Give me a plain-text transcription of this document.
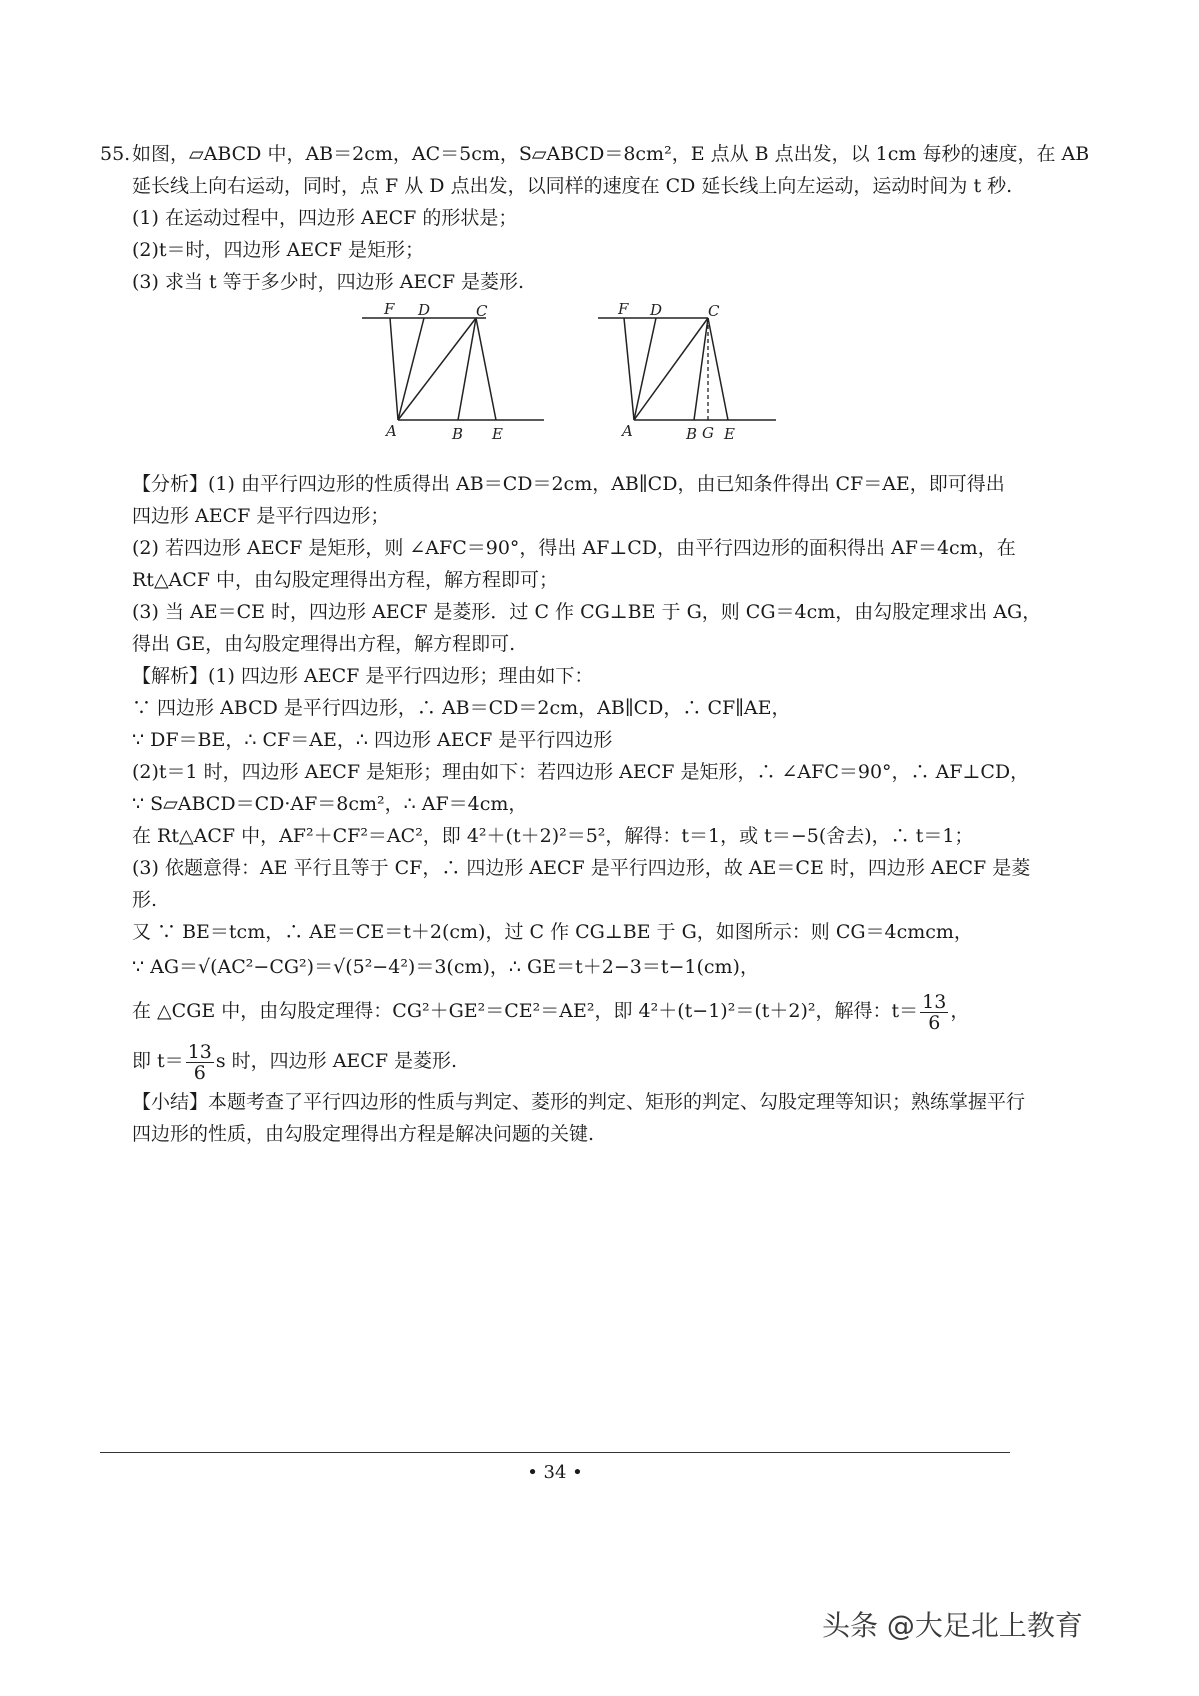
55.如图，▱ABCD 中，AB＝2cm，AC＝5cm，S▱ABCD＝8cm²，E 点从 B 点出发，以 1cm 每秒的速度，在 AB

延长线上向右运动，同时，点 F 从 D 点出发，以同样的速度在 CD 延长线上向左运动，运动时间为 t 秒.

(1) 在运动过程中，四边形 AECF 的形状是；

(2)t＝时，四边形 AECF 是矩形；

(3) 求当 t 等于多少时，四边形 AECF 是菱形.

F D	C
A	B E
F D	C
A	B G E

【分析】(1) 由平行四边形的性质得出 AB＝CD＝2cm，AB∥CD，由已知条件得出 CF＝AE，即可得出

四边形 AECF 是平行四边形；

(2) 若四边形 AECF 是矩形，则 ∠AFC＝90°，得出 AF⊥CD，由平行四边形的面积得出 AF＝4cm，在

Rt△ACF 中，由勾股定理得出方程，解方程即可；

(3) 当 AE＝CE 时，四边形 AECF 是菱形．过 C 作 CG⊥BE 于 G，则 CG＝4cm，由勾股定理求出 AG，

得出 GE，由勾股定理得出方程，解方程即可.

【解析】(1) 四边形 AECF 是平行四边形；理由如下：

∵ 四边形 ABCD 是平行四边形，∴ AB＝CD＝2cm，AB∥CD，∴ CF∥AE，

∵ DF＝BE，∴ CF＝AE，∴ 四边形 AECF 是平行四边形

(2)t＝1 时，四边形 AECF 是矩形；理由如下：若四边形 AECF 是矩形，∴ ∠AFC＝90°，∴ AF⊥CD，

∵ S▱ABCD＝CD·AF＝8cm²，∴ AF＝4cm，

在 Rt△ACF 中，AF²＋CF²＝AC²，即 4²＋(t＋2)²＝5²，解得：t＝1，或 t＝−5(舍去)，∴ t＝1；

(3) 依题意得：AE 平行且等于 CF，∴ 四边形 AECF 是平行四边形，故 AE＝CE 时，四边形 AECF 是菱

形.

又 ∵ BE＝tcm，∴ AE＝CE＝t＋2(cm)，过 C 作 CG⊥BE 于 G，如图所示：则 CG＝4cmcm，

∵ AG＝√(AC²−CG²)＝√(5²−4²)＝3(cm)，∴ GE＝t＋2−3＝t−1(cm)，

在 △CGE 中，由勾股定理得：CG²＋GE²＝CE²＝AE²，即 4²＋(t−1)²＝(t＋2)²，解得：$t= \frac{13}{6}$ ，

即 $t= \frac{13}{6}$ s 时，四边形 AECF 是菱形.

【小结】本题考查了平行四边形的性质与判定、菱形的判定、矩形的判定、勾股定理等知识；熟练掌握平行

四边形的性质，由勾股定理得出方程是解决问题的关键.

• 34 •
头条 @大足北上教育
